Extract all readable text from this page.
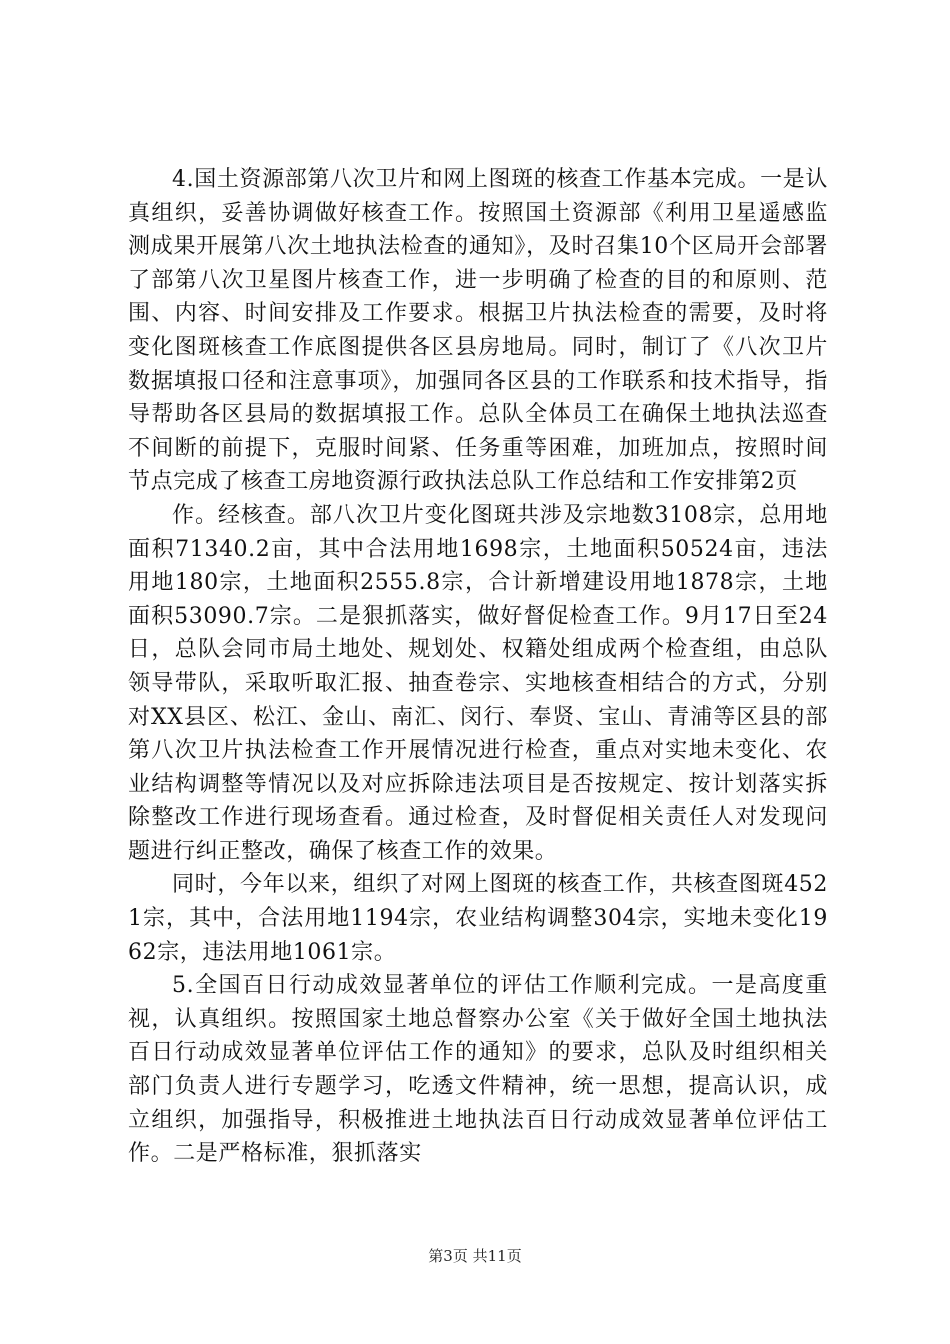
4.国土资源部第八次卫片和网上图斑的核查工作基本完成。一是认真组织，妥善协调做好核查工作。按照国土资源部《利用卫星遥感监测成果开展第八次土地执法检查的通知》，及时召集10个区局开会部署了部第八次卫星图片核查工作，进一步明确了检查的目的和原则、范围、内容、时间安排及工作要求。根据卫片执法检查的需要，及时将变化图斑核查工作底图提供各区县房地局。同时，制订了《八次卫片数据填报口径和注意事项》，加强同各区县的工作联系和技术指导，指导帮助各区县局的数据填报工作。总队全体员工在确保土地执法巡查不间断的前提下，克服时间紧、任务重等困难，加班加点，按照时间节点完成了核查工房地资源行政执法总队工作总结和工作安排第2页

作。经核查。部八次卫片变化图斑共涉及宗地数3108宗，总用地面积71340.2亩，其中合法用地1698宗，土地面积50524亩，违法用地180宗，土地面积2555.8宗，合计新增建设用地1878宗，土地面积53090.7宗。二是狠抓落实，做好督促检查工作。9月17日至24日，总队会同市局土地处、规划处、权籍处组成两个检查组，由总队领导带队，采取听取汇报、抽查卷宗、实地核查相结合的方式，分别对XX县区、松江、金山、南汇、闵行、奉贤、宝山、青浦等区县的部第八次卫片执法检查工作开展情况进行检查，重点对实地未变化、农业结构调整等情况以及对应拆除违法项目是否按规定、按计划落实拆除整改工作进行现场查看。通过检查，及时督促相关责任人对发现问题进行纠正整改，确保了核查工作的效果。

同时，今年以来，组织了对网上图斑的核查工作，共核查图斑4521宗，其中，合法用地1194宗，农业结构调整304宗，实地未变化1962宗，违法用地1061宗。

5.全国百日行动成效显著单位的评估工作顺利完成。一是高度重视，认真组织。按照国家土地总督察办公室《关于做好全国土地执法百日行动成效显著单位评估工作的通知》的要求，总队及时组织相关部门负责人进行专题学习，吃透文件精神，统一思想，提高认识，成立组织，加强指导，积极推进土地执法百日行动成效显著单位评估工作。二是严格标准，狠抓落实

第3页 共11页
